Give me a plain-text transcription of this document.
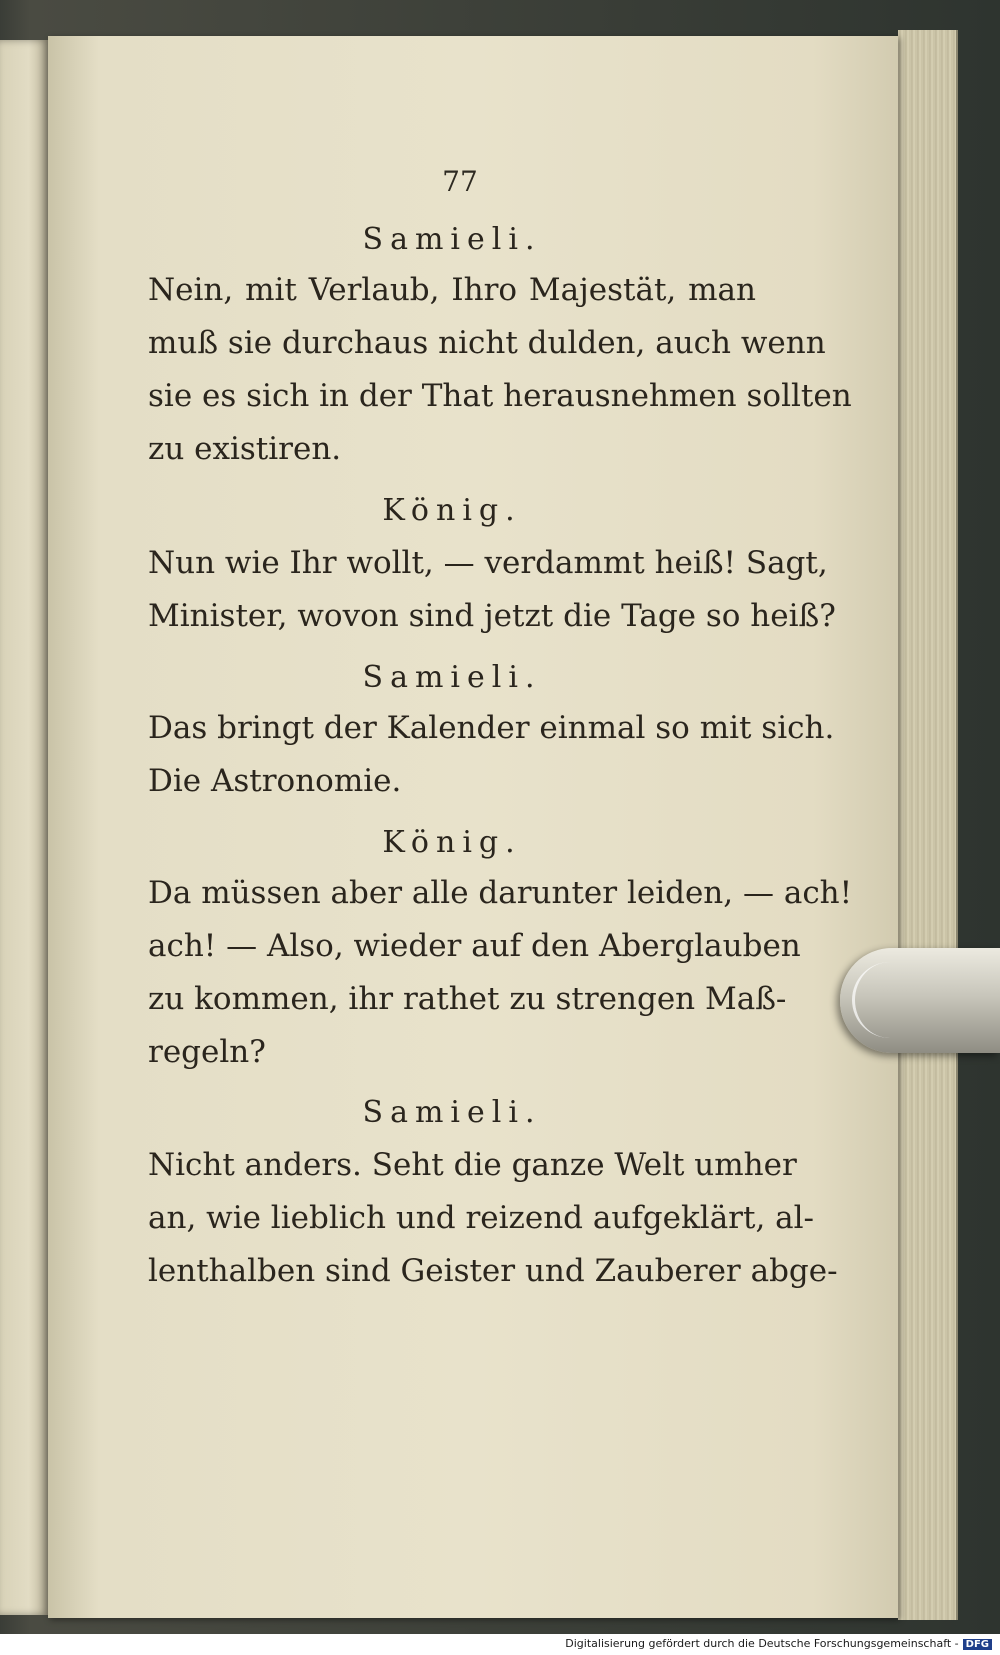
77
Samieli.
Nein, mit Verlaub, Ihro Majestät, man
muß sie durchaus nicht dulden, auch wenn
sie es sich in der That herausnehmen sollten
zu existiren.
König.
Nun wie Ihr wollt, — verdammt heiß! Sagt,
Minister, wovon sind jetzt die Tage so heiß?
Samieli.
Das bringt der Kalender einmal so mit sich.
Die Astronomie.
König.
Da müssen aber alle darunter leiden, — ach!
ach! — Also, wieder auf den Aberglauben
zu kommen, ihr rathet zu strengen Maß-
regeln?
Samieli.
Nicht anders. Seht die ganze Welt umher
an, wie lieblich und reizend aufgeklärt, al-
lenthalben sind Geister und Zauberer abge-
Digitalisierung gefördert durch die Deutsche Forschungsgemeinschaft - DFG
